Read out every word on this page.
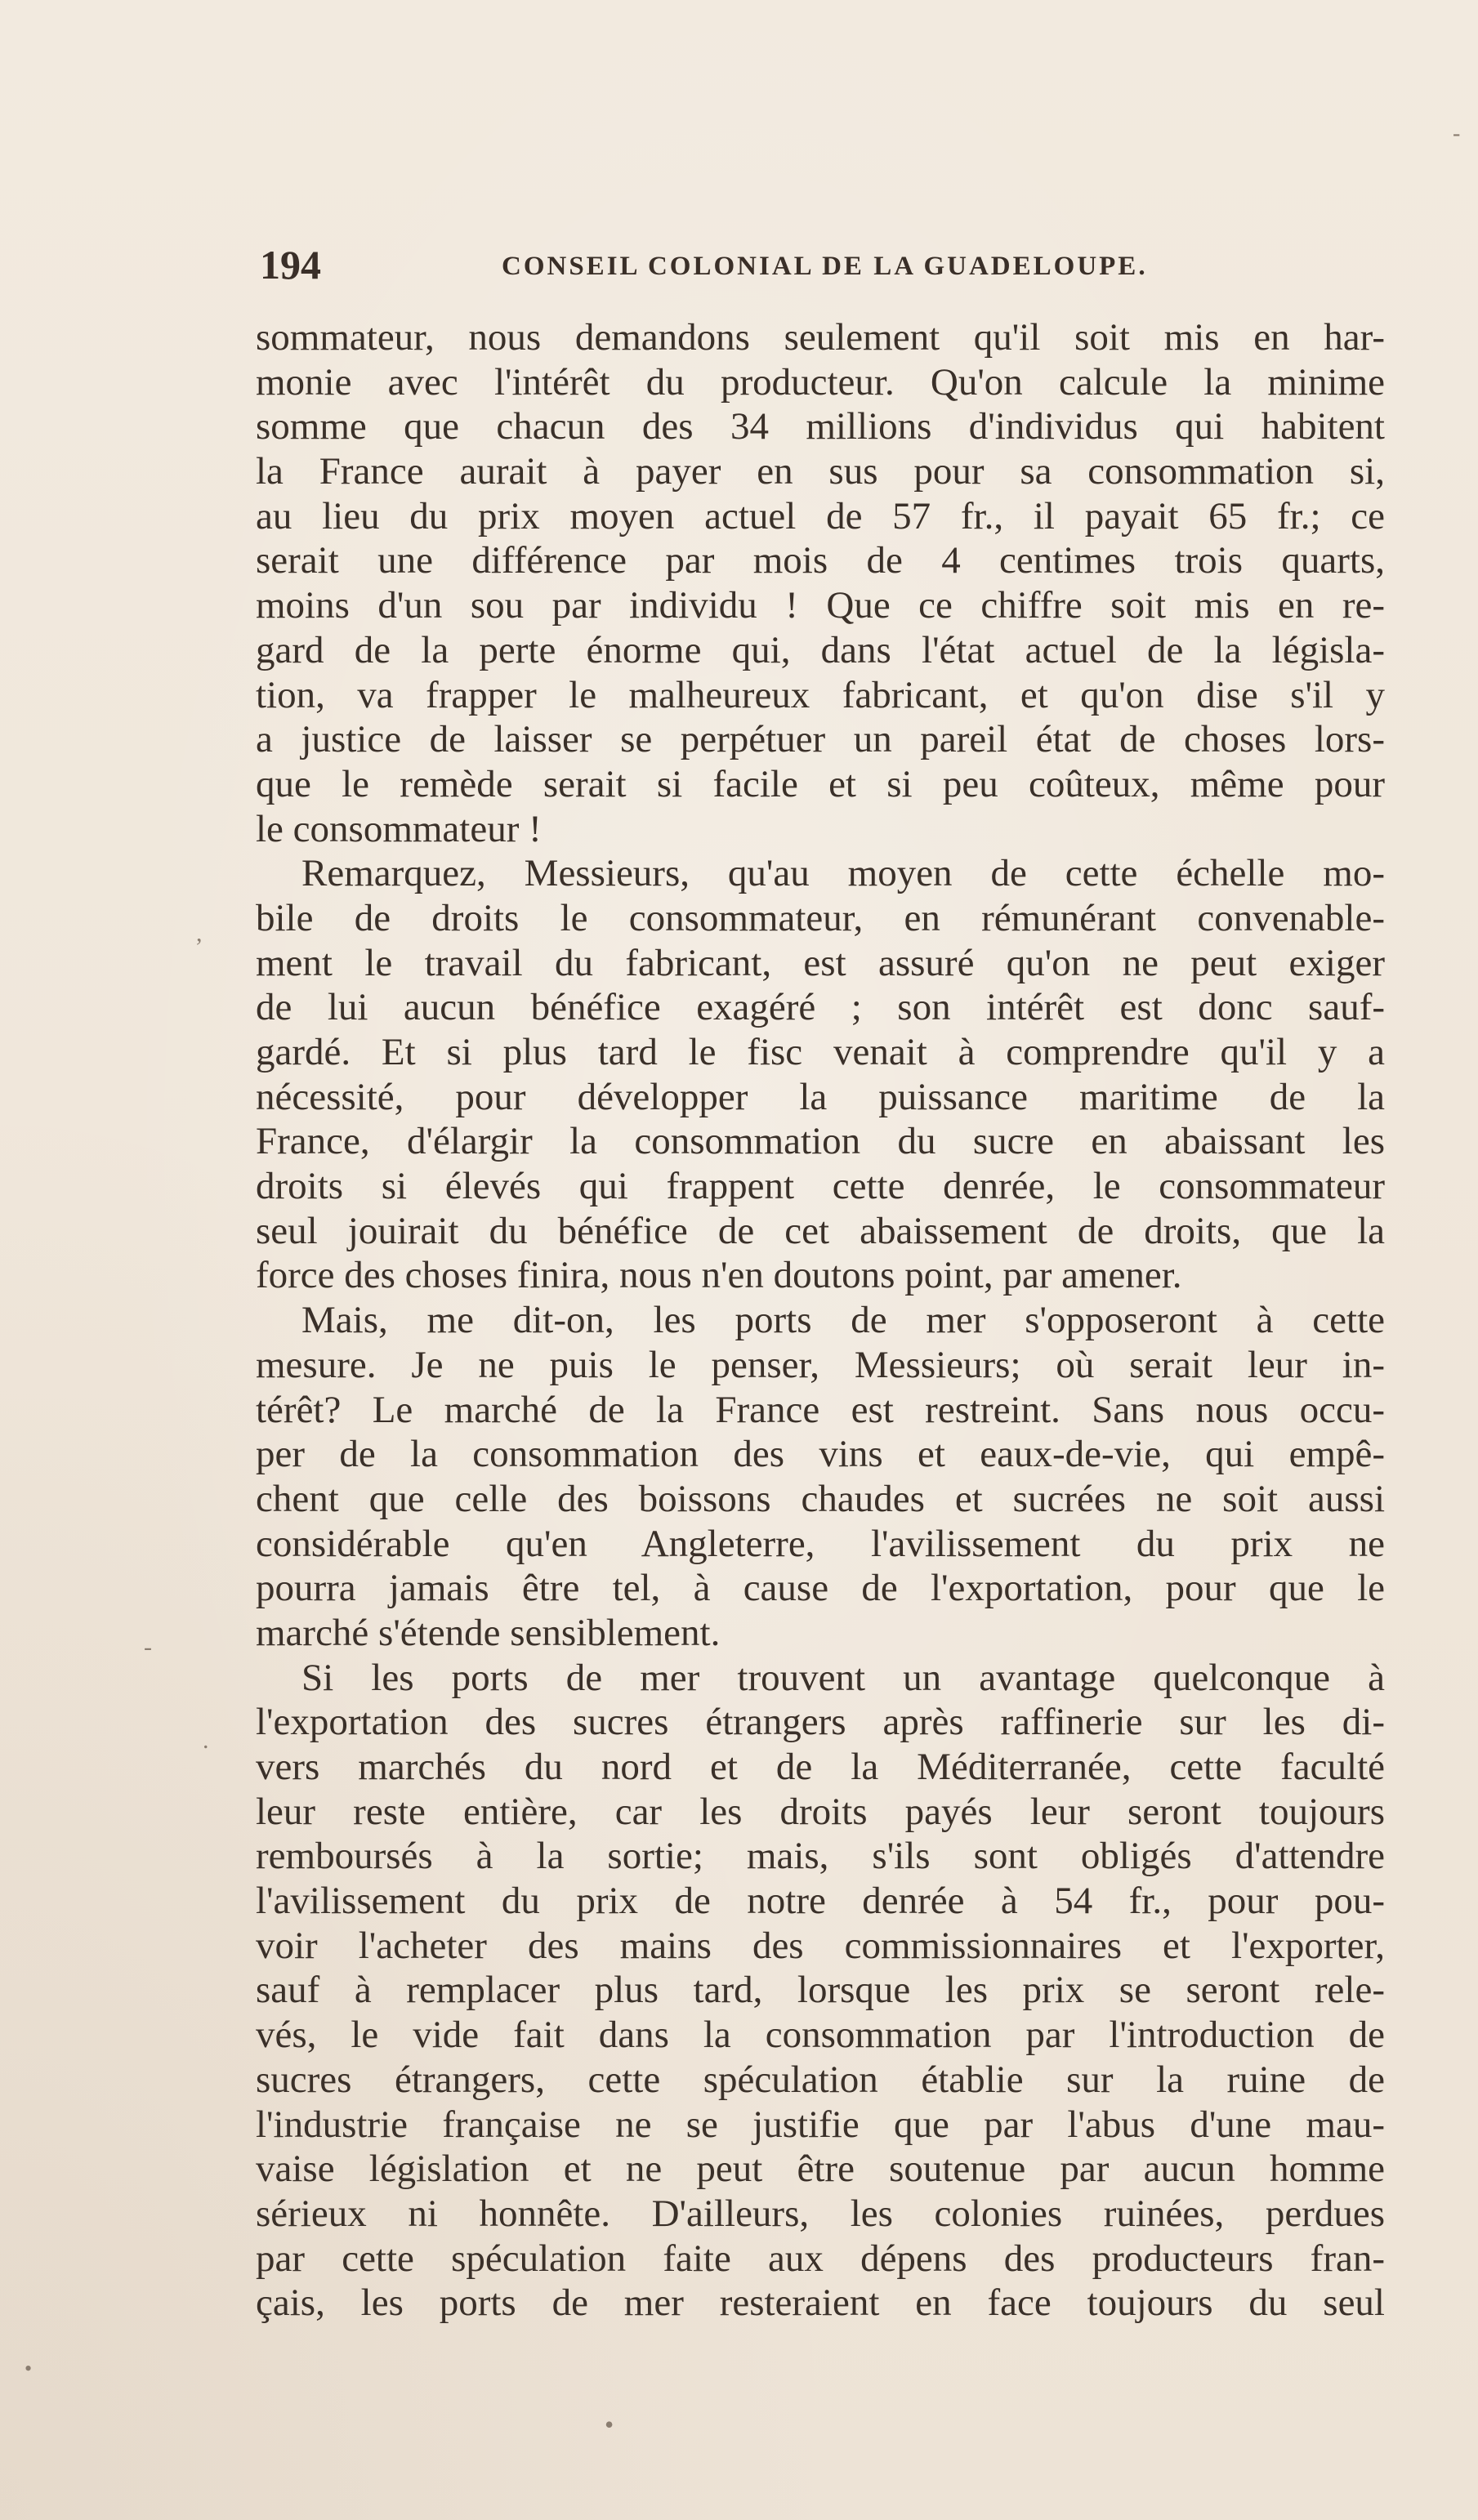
194	CONSEIL COLONIAL DE LA GUADELOUPE.
sommateur, nous demandons seulement qu'il soit mis en har-
monie avec l'intérêt du producteur. Qu'on calcule la minime
somme que chacun des 34 millions d'individus qui habitent
la France aurait à payer en sus pour sa consommation si,
au lieu du prix moyen actuel de 57 fr., il payait 65 fr.; ce
serait une différence par mois de 4 centimes trois quarts,
moins d'un sou par individu ! Que ce chiffre soit mis en re-
gard de la perte énorme qui, dans l'état actuel de la législa-
tion, va frapper le malheureux fabricant, et qu'on dise s'il y
a justice de laisser se perpétuer un pareil état de choses lors-
que le remède serait si facile et si peu coûteux, même pour
le consommateur !
Remarquez, Messieurs, qu'au moyen de cette échelle mo-
bile de droits le consommateur, en rémunérant convenable-
ment le travail du fabricant, est assuré qu'on ne peut exiger
de lui aucun bénéfice exagéré ; son intérêt est donc sauf-
gardé. Et si plus tard le fisc venait à comprendre qu'il y a
nécessité, pour développer la puissance maritime de la
France, d'élargir la consommation du sucre en abaissant les
droits si élevés qui frappent cette denrée, le consommateur
seul jouirait du bénéfice de cet abaissement de droits, que la
force des choses finira, nous n'en doutons point, par amener.
Mais, me dit-on, les ports de mer s'opposeront à cette
mesure. Je ne puis le penser, Messieurs; où serait leur in-
térêt? Le marché de la France est restreint. Sans nous occu-
per de la consommation des vins et eaux-de-vie, qui empê-
chent que celle des boissons chaudes et sucrées ne soit aussi
considérable qu'en Angleterre, l'avilissement du prix ne
pourra jamais être tel, à cause de l'exportation, pour que le
marché s'étende sensiblement.
Si les ports de mer trouvent un avantage quelconque à
l'exportation des sucres étrangers après raffinerie sur les di-
vers marchés du nord et de la Méditerranée, cette faculté
leur reste entière, car les droits payés leur seront toujours
remboursés à la sortie; mais, s'ils sont obligés d'attendre
l'avilissement du prix de notre denrée à 54 fr., pour pou-
voir l'acheter des mains des commissionnaires et l'exporter,
sauf à remplacer plus tard, lorsque les prix se seront rele-
vés, le vide fait dans la consommation par l'introduction de
sucres étrangers, cette spéculation établie sur la ruine de
l'industrie française ne se justifie que par l'abus d'une mau-
vaise législation et ne peut être soutenue par aucun homme
sérieux ni honnête. D'ailleurs, les colonies ruinées, perdues
par cette spéculation faite aux dépens des producteurs fran-
çais, les ports de mer resteraient en face toujours du seul
,
.
-
-
•
•
